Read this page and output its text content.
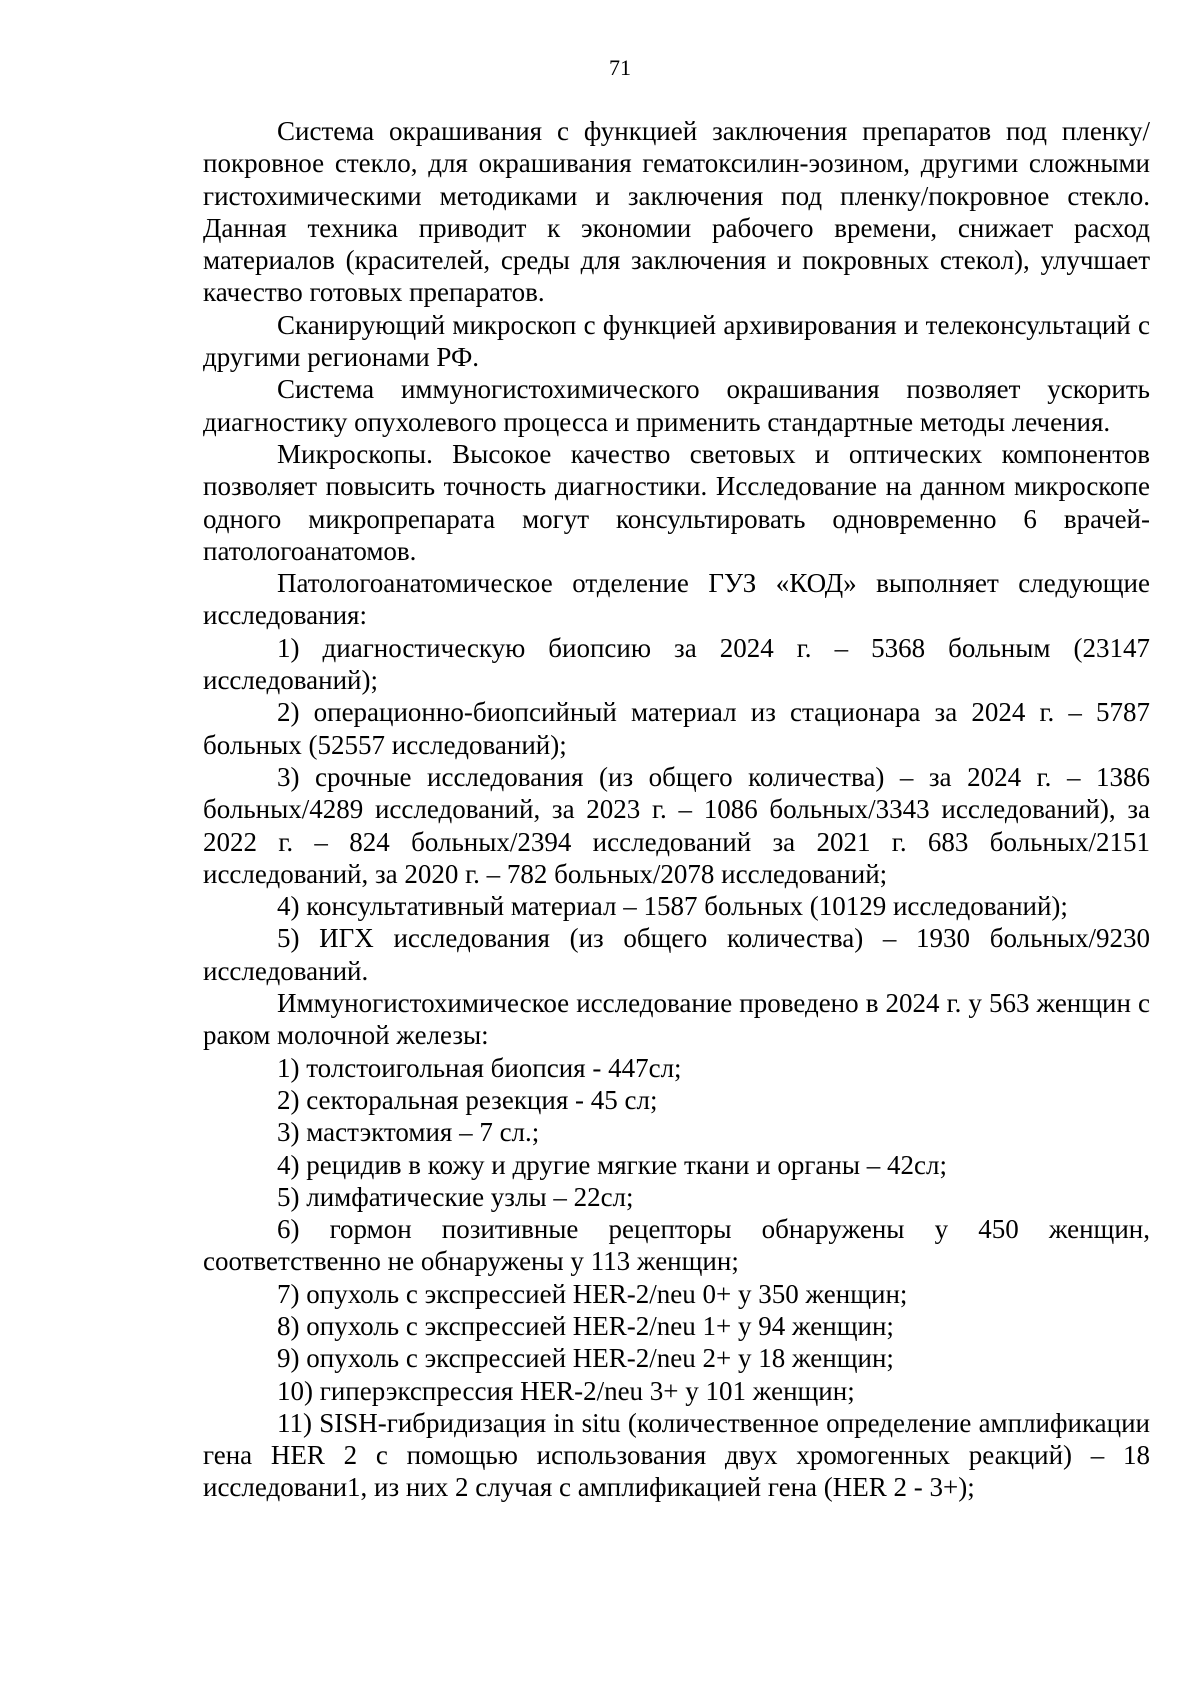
71

Система окрашивания с функцией заключения препаратов под пленку/покровное стекло, для окрашивания гематоксилин-эозином, другими сложными гистохимическими методиками и заключения под пленку/покровное стекло. Данная техника приводит к экономии рабочего времени, снижает расход материалов (красителей, среды для заключения и покровных стекол), улучшает качество готовых препаратов.

Сканирующий микроскоп с функцией архивирования и телеконсультаций с другими регионами РФ.

Система иммуногистохимического окрашивания позволяет ускорить диагностику опухолевого процесса и применить стандартные методы лечения.

Микроскопы. Высокое качество световых и оптических компонентов позволяет повысить точность диагностики. Исследование на данном микроскопе одного микропрепарата могут консультировать одновременно 6 врачей-патологоанатомов.

Патологоанатомическое отделение ГУЗ «КОД» выполняет следующие исследования:

1) диагностическую биопсию за 2024 г. – 5368 больным (23147 исследований);

2) операционно-биопсийный материал из стационара за 2024 г. – 5787 больных (52557 исследований);

3) срочные исследования (из общего количества) – за 2024 г. – 1386 больных/4289 исследований, за 2023 г. – 1086 больных/3343 исследований), за 2022 г. – 824 больных/2394 исследований за 2021 г. 683 больных/2151 исследований, за 2020 г. – 782 больных/2078 исследований;

4) консультативный материал – 1587 больных (10129 исследований);

5) ИГХ исследования (из общего количества) – 1930 больных/9230 исследований.

Иммуногистохимическое исследование проведено в 2024 г. у 563 женщин с раком молочной железы:

1) толстоигольная биопсия - 447сл;

2) секторальная резекция - 45 сл;

3) мастэктомия – 7 сл.;

4) рецидив в кожу и другие мягкие ткани и органы – 42сл;

5) лимфатические узлы – 22сл;

6) гормон позитивные рецепторы обнаружены у 450 женщин, соответственно не обнаружены у 113 женщин;

7) опухоль с экспрессией HER-2/neu 0+ у 350 женщин;

8) опухоль с экспрессией HER-2/neu 1+ у 94 женщин;

9) опухоль с экспрессией HER-2/neu 2+ у 18 женщин;

10) гиперэкспрессия HER-2/neu 3+ у 101 женщин;

11) SISH-гибридизация in situ (количественное определение амплификации гена HER 2 с помощью использования двух хромогенных реакций) – 18 исследовани1, из них 2 случая с амплификацией гена (HER 2 - 3+);
